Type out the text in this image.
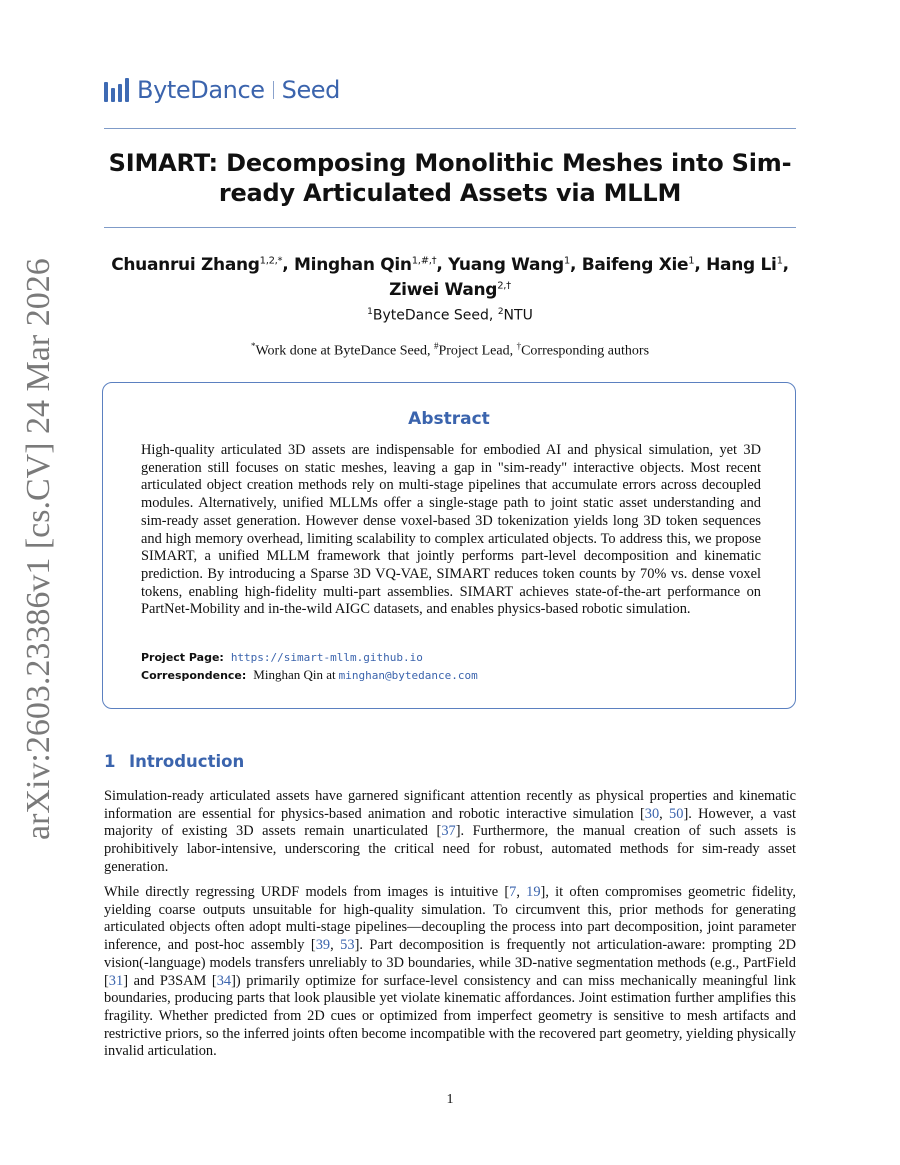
arXiv:2603.23386v1 [cs.CV] 24 Mar 2026
ByteDance Seed
SIMART: Decomposing Monolithic Meshes into Sim-ready Articulated Assets via MLLM
Chuanrui Zhang$^{1,2,*}$, Minghan Qin$^{1,\#,\dagger}$, Yuang Wang$^1$, Baifeng Xie$^1$, Hang Li$^1$, Ziwei Wang$^{2,\dagger}$
$^1$ByteDance Seed, $^2$NTU
*Work done at ByteDance Seed, #Project Lead, †Corresponding authors
Abstract
High-quality articulated 3D assets are indispensable for embodied AI and physical simulation, yet 3D generation still focuses on static meshes, leaving a gap in "sim-ready" interactive objects. Most recent articulated object creation methods rely on multi-stage pipelines that accumulate errors across decoupled modules. Alternatively, unified MLLMs offer a single-stage path to joint static asset understanding and sim-ready asset generation. However dense voxel-based 3D tokenization yields long 3D token sequences and high memory overhead, limiting scalability to complex articulated objects. To address this, we propose SIMART, a unified MLLM framework that jointly performs part-level decomposition and kinematic prediction. By introducing a Sparse 3D VQ-VAE, SIMART reduces token counts by 70% vs. dense voxel tokens, enabling high-fidelity multi-part assemblies. SIMART achieves state-of-the-art performance on PartNet-Mobility and in-the-wild AIGC datasets, and enables physics-based robotic simulation.
Project Page: https://simart-mllm.github.io
Correspondence: Minghan Qin at minghan@bytedance.com
1 Introduction
Simulation-ready articulated assets have garnered significant attention recently as physical properties and kinematic information are essential for physics-based animation and robotic interactive simulation [30, 50]. However, a vast majority of existing 3D assets remain unarticulated [37]. Furthermore, the manual creation of such assets is prohibitively labor-intensive, underscoring the critical need for robust, automated methods for sim-ready asset generation.
While directly regressing URDF models from images is intuitive [7, 19], it often compromises geometric fidelity, yielding coarse outputs unsuitable for high-quality simulation. To circumvent this, prior methods for generating articulated objects often adopt multi-stage pipelines—decoupling the process into part decomposition, joint parameter inference, and post-hoc assembly [39, 53]. Part decomposition is frequently not articulation-aware: prompting 2D vision(-language) models transfers unreliably to 3D boundaries, while 3D-native segmentation methods (e.g., PartField [31] and P3SAM [34]) primarily optimize for surface-level consistency and can miss mechanically meaningful link boundaries, producing parts that look plausible yet violate kinematic affordances. Joint estimation further amplifies this fragility. Whether predicted from 2D cues or optimized from imperfect geometry is sensitive to mesh artifacts and restrictive priors, so the inferred joints often become incompatible with the recovered part geometry, yielding physically invalid articulation.
1
